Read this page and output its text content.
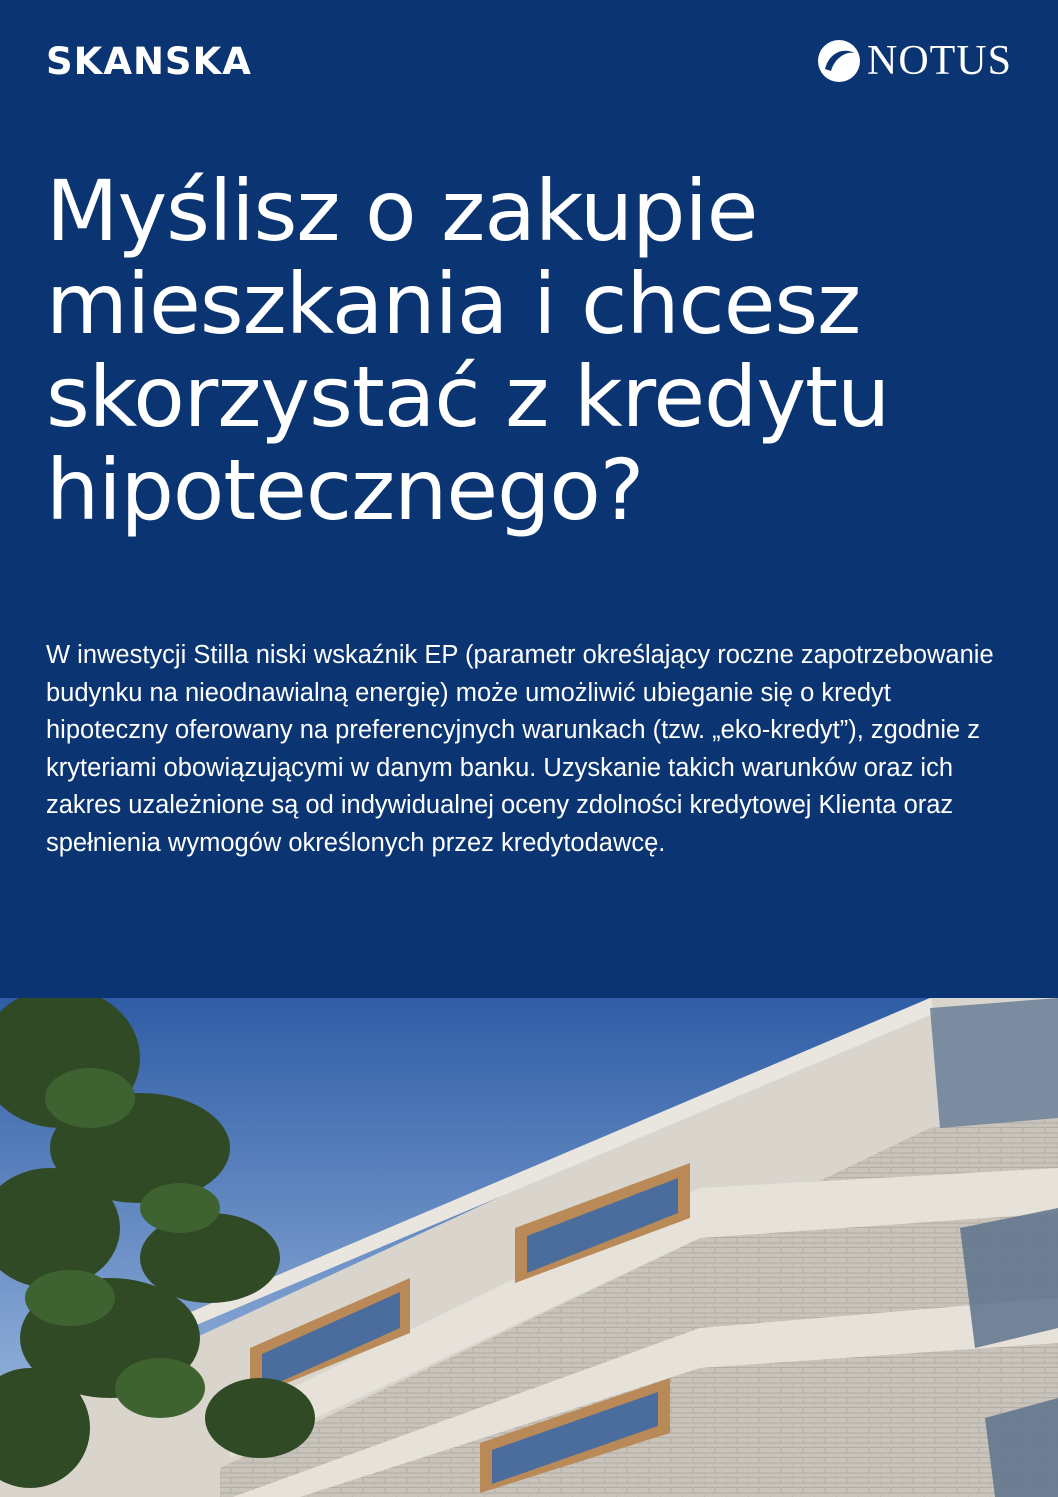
SKANSKA	NOTUS
Myślisz o zakupie mieszkania i chcesz skorzystać z kredytu hipotecznego?

W inwestycji Stilla niski wskaźnik EP (parametr określający roczne zapotrzebowanie budynku na nieodnawialną energię) może umożliwić ubieganie się o kredyt hipoteczny oferowany na preferencyjnych warunkach (tzw. „eko-kredyt”), zgodnie z kryteriami obowiązującymi w danym banku. Uzyskanie takich warunków oraz ich zakres uzależnione są od indywidualnej oceny zdolności kredytowej Klienta oraz spełnienia wymogów określonych przez kredytodawcę.
